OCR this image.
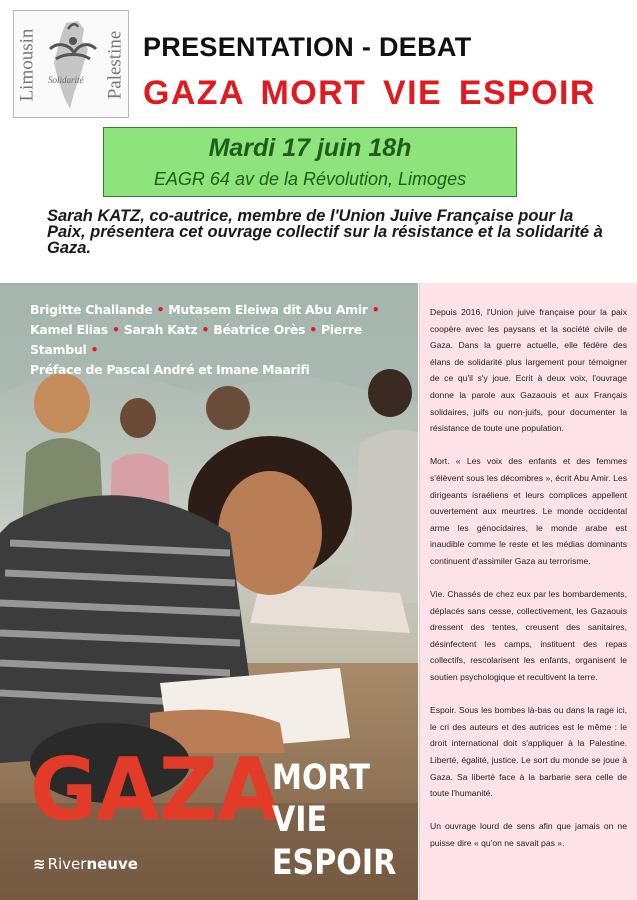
Limousin Solidarité Palestine PRESENTATION - DEBAT
GAZA MORT VIE ESPOIR
Mardi 17 juin 18h
EAGR 64 av de la Révolution, Limoges
Sarah KATZ, co-autrice, membre de l'Union Juive Française pour la Paix, présentera cet ouvrage collectif sur la résistance et la solidarité à Gaza.
Brigitte Challande • Mutasem Eleiwa dit Abu Amir •
Kamel Elias • Sarah Katz • Béatrice Orès • Pierre Stambul •
Préface de Pascal André et Imane Maarifi
GAZA
MORT
VIE
ESPOIR
≋ Riverneuve

Depuis 2016, l'Union juive française pour la paix coopère avec les paysans et la société civile de Gaza. Dans la guerre actuelle, elle fédère des élans de solidarité plus largement pour témoigner de ce qu'il s'y joue. Ecrit à deux voix, l'ouvrage donne la parole aux Gazaouis et aux Français solidaires, juifs ou non-juifs, pour documenter la résistance de toute une population.

Mort. « Les voix des enfants et des femmes s'élèvent sous les décombres », écrit Abu Amir. Les dirigeants israéliens et leurs complices appellent ouvertement aux meurtres. Le monde occidental arme les génocidaires, le monde arabe est inaudible comme le reste et les médias dominants continuent d'assimiler Gaza au terrorisme.

Vie. Chassés de chez eux par les bombardements, déplacés sans cesse, collectivement, les Gazaouis dressent des tentes, creusent des sanitaires, désinfectent les camps, instituent des repas collectifs, rescolarisent les enfants, organisent le soutien psychologique et recultivent la terre.

Espoir. Sous les bombes là-bas ou dans la rage ici, le cri des auteurs et des autrices est le même : le droit international doit s'appliquer à la Palestine. Liberté, égalité, justice. Le sort du monde se joue à Gaza. Sa liberté face à la barbarie sera celle de toute l'humanité.

Un ouvrage lourd de sens afin que jamais on ne puisse dire « qu'on ne savait pas ».
